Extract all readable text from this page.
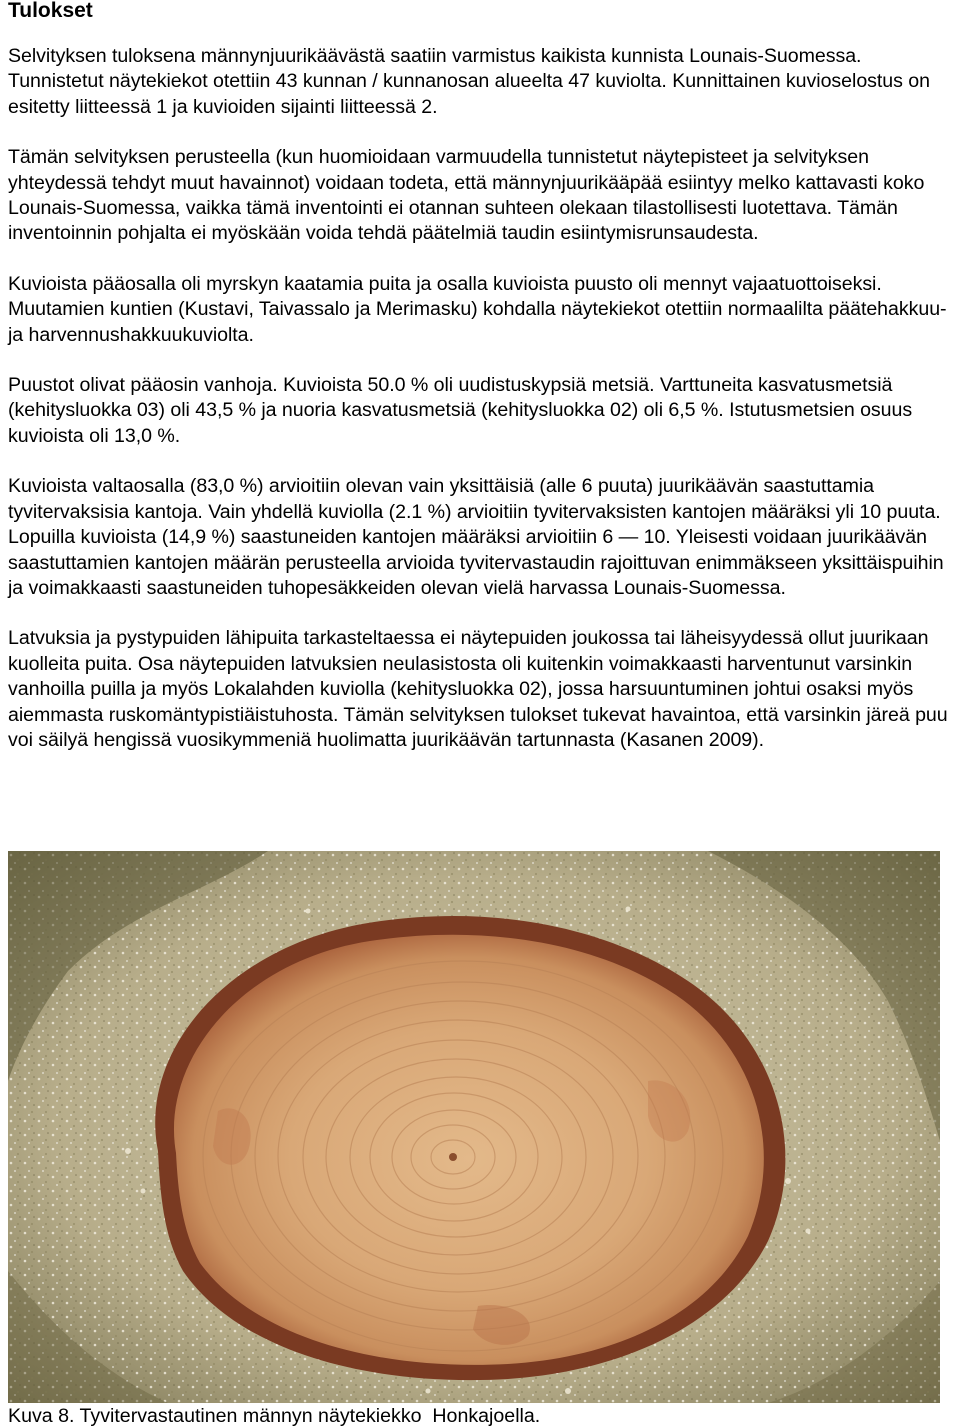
Tulokset

Selvityksen tuloksena männynjuurikäävästä saatiin varmistus kaikista kunnista Lounais-Suomessa. Tunnistetut näytekiekot otettiin 43 kunnan / kunnanosan alueelta 47 kuviolta. Kunnittainen kuvioselostus on esitetty liitteessä 1 ja kuvioiden sijainti liitteessä 2.

Tämän selvityksen perusteella (kun huomioidaan varmuudella tunnistetut näytepisteet ja selvityksen yhteydessä tehdyt muut havainnot) voidaan todeta, että männynjuurikääpää esiintyy melko kattavasti koko Lounais-Suomessa, vaikka tämä inventointi ei otannan suhteen olekaan tilastollisesti luotettava. Tämän inventoinnin pohjalta ei myöskään voida tehdä päätelmiä taudin esiintymisrunsaudesta.

Kuvioista pääosalla oli myrskyn kaatamia puita ja osalla kuvioista puusto oli mennyt vajaatuottoiseksi. Muutamien kuntien (Kustavi, Taivassalo ja Merimasku) kohdalla näytekiekot otettiin normaalilta päätehakkuu- ja harvennushakkuukuviolta.

Puustot olivat pääosin vanhoja. Kuvioista 50.0 % oli uudistuskypsiä metsiä. Varttuneita kasvatusmetsiä (kehitysluokka 03) oli 43,5 % ja nuoria kasvatusmetsiä (kehitysluokka 02) oli 6,5 %. Istutusmetsien osuus kuvioista oli 13,0 %.

Kuvioista valtaosalla (83,0 %) arvioitiin olevan vain yksittäisiä (alle 6 puuta) juurikäävän saastuttamia tyvitervaksisia kantoja. Vain yhdellä kuviolla (2.1 %) arvioitiin tyvitervaksisten kantojen määräksi yli 10 puuta. Lopuilla kuvioista (14,9 %) saastuneiden kantojen määräksi arvioitiin 6 — 10. Yleisesti voidaan juurikäävän saastuttamien kantojen määrän perusteella arvioida tyvitervastaudin rajoittuvan enimmäkseen yksittäispuihin ja voimakkaasti saastuneiden tuhopesäkkeiden olevan vielä harvassa Lounais-Suomessa.

Latvuksia ja pystypuiden lähipuita tarkasteltaessa ei näytepuiden joukossa tai läheisyydessä ollut juurikaan kuolleita puita. Osa näytepuiden latvuksien neulasistosta oli kuitenkin voimakkaasti harventunut varsinkin vanhoilla puilla ja myös Lokalahden kuviolla (kehitysluokka 02), jossa harsuuntuminen johtui osaksi myös aiemmasta ruskomäntypistiäistuhosta. Tämän selvityksen tulokset tukevat havaintoa, että varsinkin järeä puu voi säilyä hengissä vuosikymmeniä huolimatta juurikäävän tartunnasta (Kasanen 2009).

Kuva 8. Tyvitervastautinen männyn näytekiekko  Honkajoella.
